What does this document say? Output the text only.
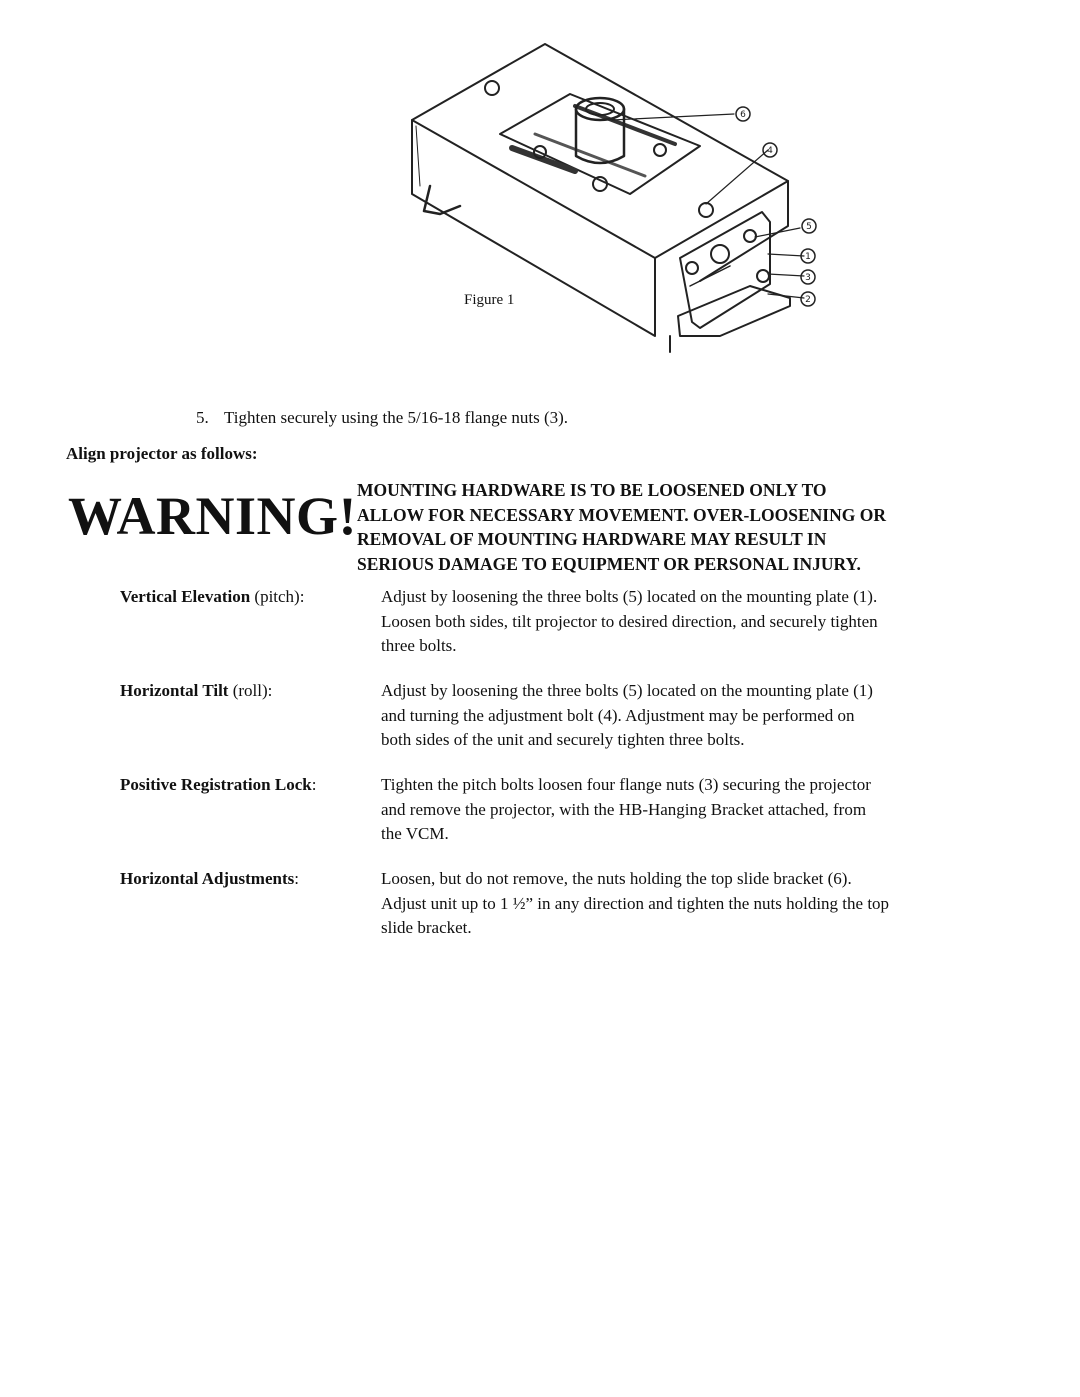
6
4
5
1
3
2
Figure 1
5. Tighten securely using the 5/16-18 flange nuts (3).
Align projector as follows:
WARNING! MOUNTING HARDWARE IS TO BE LOOSENED ONLY TO
ALLOW FOR NECESSARY MOVEMENT. OVER-LOOSENING OR
REMOVAL OF MOUNTING HARDWARE MAY RESULT IN
SERIOUS DAMAGE TO EQUIPMENT OR PERSONAL INJURY.

Vertical Elevation (pitch):	Adjust by loosening the three bolts (5) located on the mounting plate (1).
Loosen both sides, tilt projector to desired direction, and securely tighten
three bolts.
Horizontal Tilt (roll):	Adjust by loosening the three bolts (5) located on the mounting plate (1)
and turning the adjustment bolt (4). Adjustment may be performed on
both sides of the unit and securely tighten three bolts.
Positive Registration Lock:	Tighten the pitch bolts loosen four flange nuts (3) securing the projector
and remove the projector, with the HB-Hanging Bracket attached, from
the VCM.
Horizontal Adjustments:	Loosen, but do not remove, the nuts holding the top slide bracket (6).
Adjust unit up to 1 ½” in any direction and tighten the nuts holding the top
slide bracket.
